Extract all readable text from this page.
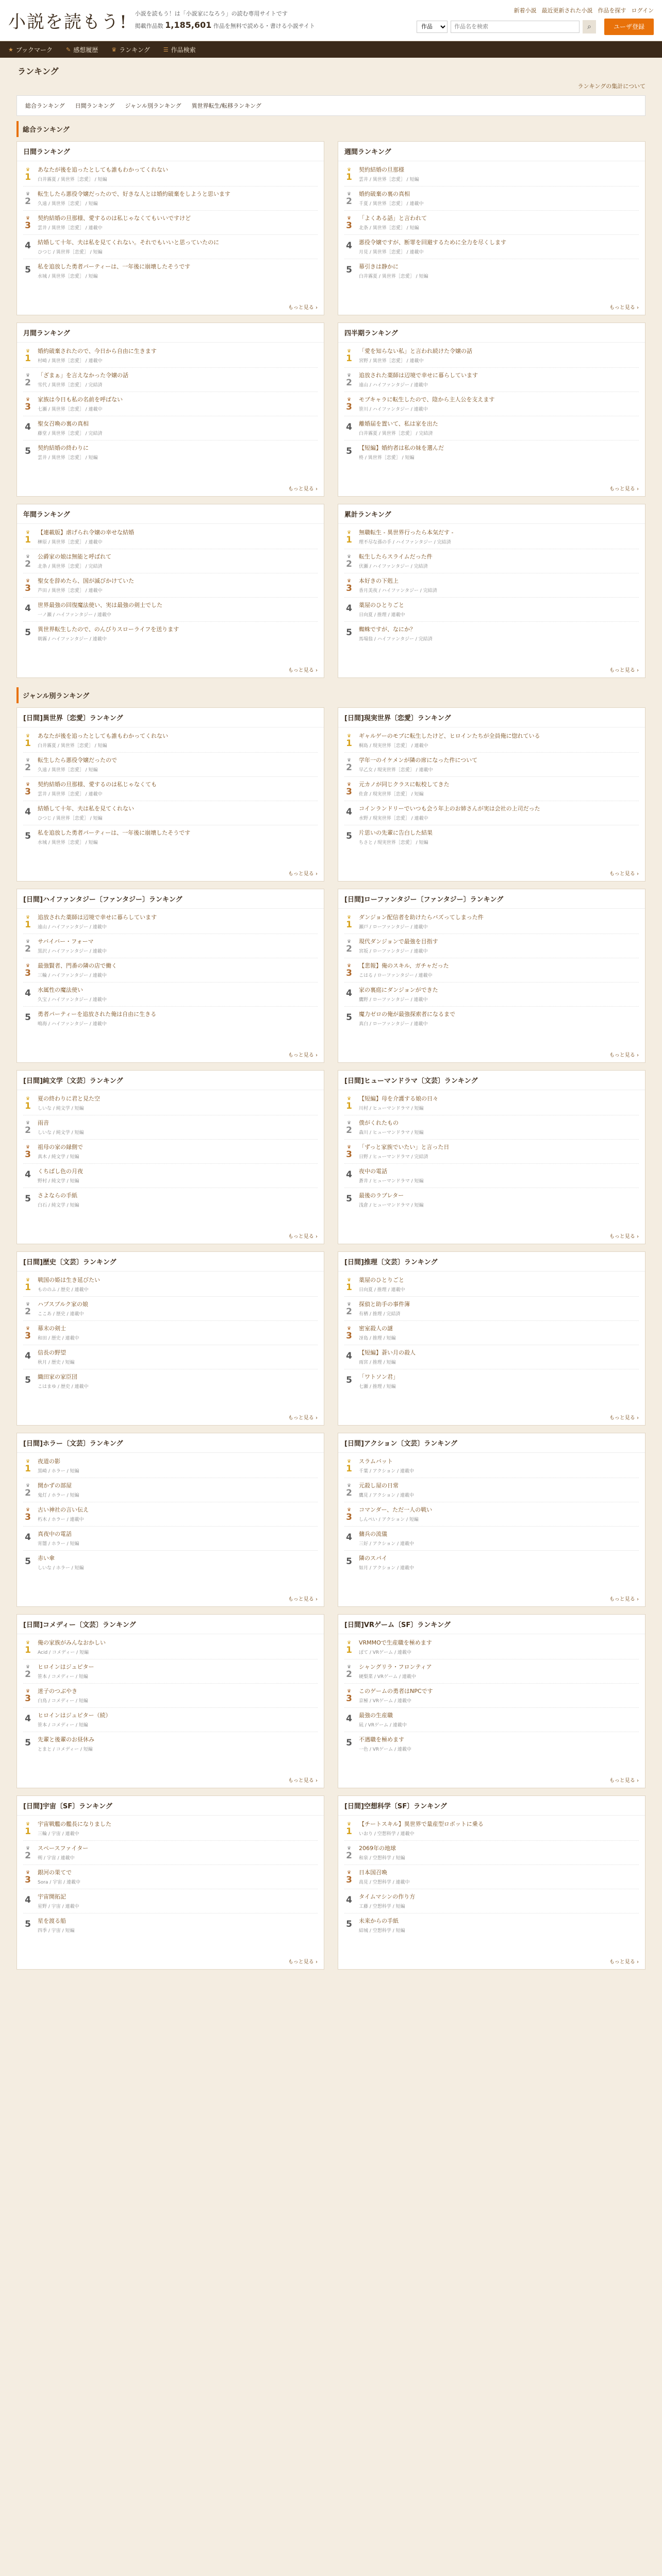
小説を読もう! 小説を読もう！は「小説家になろう」の読む専用サイトです
掲載作品数 1,185,601 作品を無料で読める・書ける小説サイト
新着小説 最近更新された小説 作品を探す ログイン
作品
作品名を検索
⌕	ユーザ登録
★ ブックマーク ✎ 感想履歴 ♛ ランキング ☰ 作品検索
ランキング
ランキングの集計について
総合ランキング	日間ランキング	ジャンル別ランキング	異世界転生/転移ランキング
総合ランキング
日間ランキング
♛
1
あなたが後を追ったとしても誰もわかってくれない
白井霧夏 / 異世界［恋愛］ / 短編
♛
2
転生したら悪役令嬢だったので、好きな人とは婚約破棄をしようと思います
久遠 / 異世界［恋愛］ / 短編
♛
3
契約結婚の旦那様、愛するのは私じゃなくてもいいですけど
雲井 / 異世界［恋愛］ / 連載中
4 結婚して十年、夫は私を見てくれない。それでもいいと思っていたのに
ひつじ / 異世界［恋愛］ / 短編
5 私を追放した勇者パーティーは、一年後に崩壊したそうです
水城 / 異世界［恋愛］ / 短編
もっと見る ›
週間ランキング
♛
1
契約結婚の旦那様
雲井 / 異世界［恋愛］ / 短編
♛
2
婚約破棄の裏の真相
千夏 / 異世界［恋愛］ / 連載中
♛
3
「よくある話」と言われて
北条 / 異世界［恋愛］ / 短編
4 悪役令嬢ですが、断罪を回避するために全力を尽くします
月見 / 異世界［恋愛］ / 連載中
5 幕引きは静かに
白井霧夏 / 異世界［恋愛］ / 短編
もっと見る ›
月間ランキング
♛
1
婚約破棄されたので、今日から自由に生きます
村崎 / 異世界［恋愛］ / 連載中
♛
2
「ざまぁ」を言えなかった令嬢の話
雪代 / 異世界［恋愛］ / 完結済
♛
3
家族は今日も私の名前を呼ばない
七瀬 / 異世界［恋愛］ / 連載中
4 聖女召喚の裏の真相
藤堂 / 異世界［恋愛］ / 完結済
5 契約結婚の終わりに
雲井 / 異世界［恋愛］ / 短編
もっと見る ›
四半期ランキング
♛
1
「愛を知らない私」と言われ続けた令嬢の話
宮野 / 異世界［恋愛］ / 連載中
♛
2
追放された薬師は辺境で幸せに暮らしています
遠山 / ハイファンタジー / 連載中
♛
3
モブキャラに転生したので、陰から主人公を支えます
笹川 / ハイファンタジー / 連載中
4 離婚届を置いて、私は家を出た
白井霧夏 / 異世界［恋愛］ / 完結済
5 【短編】婚約者は私の妹を選んだ
柊 / 異世界［恋愛］ / 短編
もっと見る ›
年間ランキング
♛
1
【連載版】虐げられ令嬢の幸せな結婚
榊原 / 異世界［恋愛］ / 連載中
♛
2
公爵家の娘は無能と呼ばれて
北条 / 異世界［恋愛］ / 完結済
♛
3
聖女を辞めたら、国が滅びかけていた
芦田 / 異世界［恋愛］ / 連載中
4 世界最強の回復魔法使い、実は最強の剣士でした
一ノ瀬 / ハイファンタジー / 連載中
5 異世界転生したので、のんびりスローライフを送ります
朝霧 / ハイファンタジー / 連載中
もっと見る ›
累計ランキング
♛
1
無職転生 - 異世界行ったら本気だす -
理不尽な孫の手 / ハイファンタジー / 完結済
♛
2
転生したらスライムだった件
伏瀬 / ハイファンタジー / 完結済
♛
3
本好きの下剋上
香月美夜 / ハイファンタジー / 完結済
4 薬屋のひとりごと
日向夏 / 推理 / 連載中
5 蜘蛛ですが、なにか？
馬場翁 / ハイファンタジー / 完結済
もっと見る ›
ジャンル別ランキング
[日間]異世界〔恋愛〕ランキング
♛
1
あなたが後を追ったとしても誰もわかってくれない
白井霧夏 / 異世界［恋愛］ / 短編
♛
2
転生したら悪役令嬢だったので
久遠 / 異世界［恋愛］ / 短編
♛
3
契約結婚の旦那様、愛するのは私じゃなくても
雲井 / 異世界［恋愛］ / 連載中
4 結婚して十年、夫は私を見てくれない
ひつじ / 異世界［恋愛］ / 短編
5 私を追放した勇者パーティーは、一年後に崩壊したそうです
水城 / 異世界［恋愛］ / 短編
もっと見る ›
[日間]現実世界〔恋愛〕ランキング
♛
1
ギャルゲーのモブに転生したけど、ヒロインたちが全員俺に惚れている
桐島 / 現実世界［恋愛］ / 連載中
♛
2
学年一のイケメンが隣の席になった件について
早乙女 / 現実世界［恋愛］ / 連載中
♛
3
元カノが同じクラスに転校してきた
佐倉 / 現実世界［恋愛］ / 短編
4 コインランドリーでいつも会う年上のお姉さんが実は会社の上司だった
水野 / 現実世界［恋愛］ / 連載中
5 片思いの先輩に告白した結果
ちさと / 現実世界［恋愛］ / 短編
もっと見る ›
[日間]ハイファンタジー〔ファンタジー〕ランキング
♛
1
追放された薬師は辺境で幸せに暮らしています
遠山 / ハイファンタジー / 連載中
♛
2
サバイバー・フォーマ
黒沢 / ハイファンタジー / 連載中
♛
3
最強賢者、門番の隣の店で働く
三輪 / ハイファンタジー / 連載中
4 水属性の魔法使い
久宝 / ハイファンタジー / 連載中
5 勇者パーティーを追放された俺は自由に生きる
鳴海 / ハイファンタジー / 連載中
もっと見る ›
[日間]ローファンタジー〔ファンタジー〕ランキング
♛
1
ダンジョン配信者を助けたらバズってしまった件
瀬戸 / ローファンタジー / 連載中
♛
2
現代ダンジョンで最強を目指す
宮坂 / ローファンタジー / 連載中
♛
3
【悲報】俺のスキル、ガチャだった
こはる / ローファンタジー / 連載中
4 家の裏庭にダンジョンができた
鷹野 / ローファンタジー / 連載中
5 魔力ゼロの俺が最強探索者になるまで
真白 / ローファンタジー / 連載中
もっと見る ›
[日間]純文学〔文芸〕ランキング
♛
1
夏の終わりに君と見た空
しいな / 純文学 / 短編
♛
2
雨音
しいな / 純文学 / 短編
♛
3
祖母の家の縁側で
真木 / 純文学 / 短編
4 くちばし色の月夜
野村 / 純文学 / 短編
5 さよならの手紙
白石 / 純文学 / 短編
もっと見る ›
[日間]ヒューマンドラマ〔文芸〕ランキング
♛
1
【短編】母を介護する娘の日々
川村 / ヒューマンドラマ / 短編
♛
2
僕がくれたもの
森川 / ヒューマンドラマ / 短編
♛
3
「ずっと家族でいたい」と言った日
日野 / ヒューマンドラマ / 完結済
4 夜中の電話
蒼井 / ヒューマンドラマ / 短編
5 最後のラブレター
浅倉 / ヒューマンドラマ / 短編
もっと見る ›
[日間]歴史〔文芸〕ランキング
♛
1
戦国の姫は生き延びたい
もののふ / 歴史 / 連載中
♛
2
ハプスブルク家の娘
ここあ / 歴史 / 連載中
♛
3
幕末の剣士
和田 / 歴史 / 連載中
4 信長の野望
秋月 / 歴史 / 短編
5 織田家の家臣団
こはまゆ / 歴史 / 連載中
もっと見る ›
[日間]推理〔文芸〕ランキング
♛
1
薬屋のひとりごと
日向夏 / 推理 / 連載中
♛
2
探偵と助手の事件簿
有栖 / 推理 / 完結済
♛
3
密室殺人の謎
冴島 / 推理 / 短編
4 【短編】蒼い月の殺人
雨宮 / 推理 / 短編
5 「ワトソン君」
七瀬 / 推理 / 短編
もっと見る ›
[日間]ホラー〔文芸〕ランキング
♛
1
夜道の影
黒崎 / ホラー / 短編
♛
2
開かずの部屋
鬼灯 / ホラー / 短編
♛
3
古い神社の言い伝え
朽木 / ホラー / 連載中
4 真夜中の電話
宵闇 / ホラー / 短編
5 赤い傘
しいな / ホラー / 短編
もっと見る ›
[日間]アクション〔文芸〕ランキング
♛
1
スラムバット
千葉 / アクション / 連載中
♛
2
元殺し屋の日常
鷹見 / アクション / 連載中
♛
3
コマンダー、ただ一人の戦い
しんぺい / アクション / 短編
4 傭兵の流儀
三好 / アクション / 連載中
5 隣のスパイ
如月 / アクション / 連載中
もっと見る ›
[日間]コメディー〔文芸〕ランキング
♛
1
俺の家族がみんなおかしい
Acid / コメディー / 短編
♛
2
ヒロインはジュピター
笹本 / コメディー / 短編
♛
3
迷子のつぶやき
白鳥 / コメディー / 短編
4 ヒロインはジュピター（続）
笹本 / コメディー / 短編
5 先輩と後輩のお昼休み
とまと / コメディー / 短編
もっと見る ›
[日間]VRゲーム〔SF〕ランキング
♛
1
VRMMOで生産職を極めます
ぽて / VRゲーム / 連載中
♛
2
シャングリラ・フロンティア
硬梨菜 / VRゲーム / 連載中
♛
3
このゲームの勇者はNPCです
京極 / VRゲーム / 連載中
4 最強の生産職
凪 / VRゲーム / 連載中
5 不遇職を極めます
一色 / VRゲーム / 連載中
もっと見る ›
[日間]宇宙〔SF〕ランキング
♛
1
宇宙戦艦の艦長になりました
三輪 / 宇宙 / 連載中
♛
2
スペースファイター
朔 / 宇宙 / 連載中
♛
3
銀河の果てで
Sora / 宇宙 / 連載中
4 宇宙開拓記
星野 / 宇宙 / 連載中
5 星を渡る船
四季 / 宇宙 / 短編
もっと見る ›
[日間]空想科学〔SF〕ランキング
♛
1
【チートスキル】異世界で量産型ロボットに乗る
いおり / 空想科学 / 連載中
♛
2
2069年の地球
和泉 / 空想科学 / 短編
♛
3
日本国召喚
高見 / 空想科学 / 連載中
4 タイムマシンの作り方
工藤 / 空想科学 / 短編
5 未来からの手紙
結城 / 空想科学 / 短編
もっと見る ›
